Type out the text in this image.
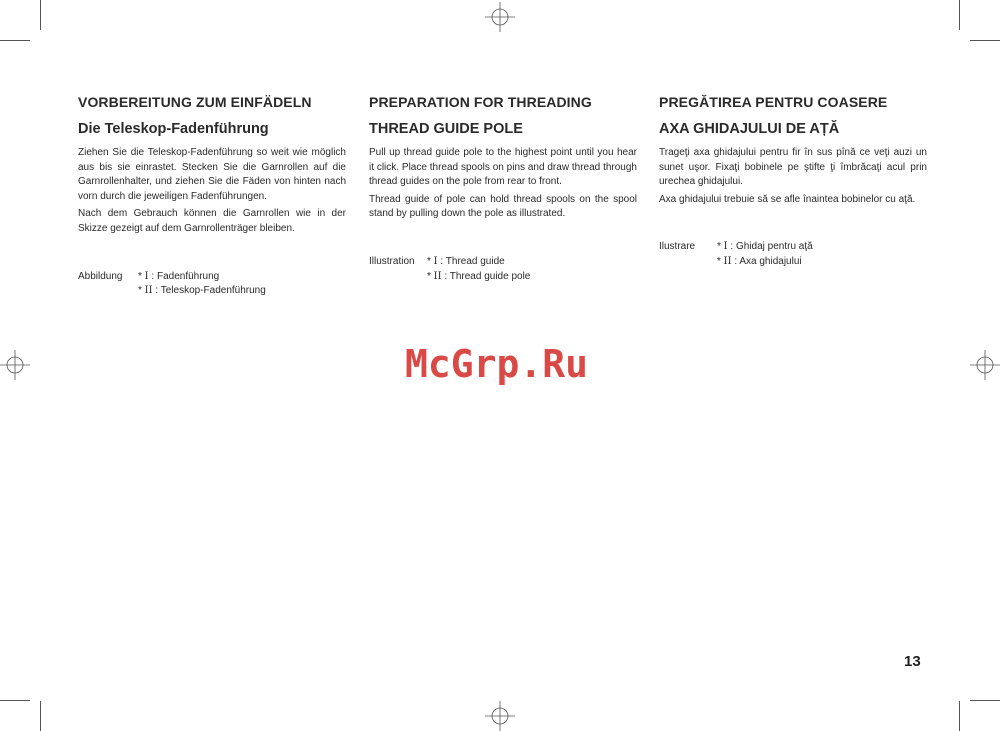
VORBEREITUNG ZUM EINFÄDELN
Die Teleskop-Fadenführung

Ziehen Sie die Teleskop-Fadenführung so weit wie möglich aus bis sie einrastet. Stecken Sie die Garnrollen auf die Garnrollenhalter, und ziehen Sie die Fäden von hinten nach vorn durch die jeweiligen Fadenführungen.

Nach dem Gebrauch können die Garnrollen wie in der Skizze gezeigt auf dem Garnrollenträger bleiben.

Abbildung	* I : Fadenführung
* II : Teleskop-Fadenführung
PREPARATION FOR THREADING
THREAD GUIDE POLE

Pull up thread guide pole to the highest point until you hear it click. Place thread spools on pins and draw thread through thread guides on the pole from rear to front.

Thread guide of pole can hold thread spools on the spool stand by pulling down the pole as illustrated.

Illustration	* I : Thread guide
* II : Thread guide pole
PREGĂTIREA PENTRU COASERE
AXA GHIDAJULUI DE AȚĂ

Trageţi axa ghidajului pentru fir în sus pînă ce veţi auzi un sunet uşor. Fixaţi bobinele pe ştifte ţi îmbrăcaţi acul prin urechea ghidajului.

Axa ghidajului trebuie să se afle înaintea bobinelor cu aţă.

Ilustrare	* I : Ghidaj pentru aţă
* II : Axa ghidajului
McGrp.Ru
13
